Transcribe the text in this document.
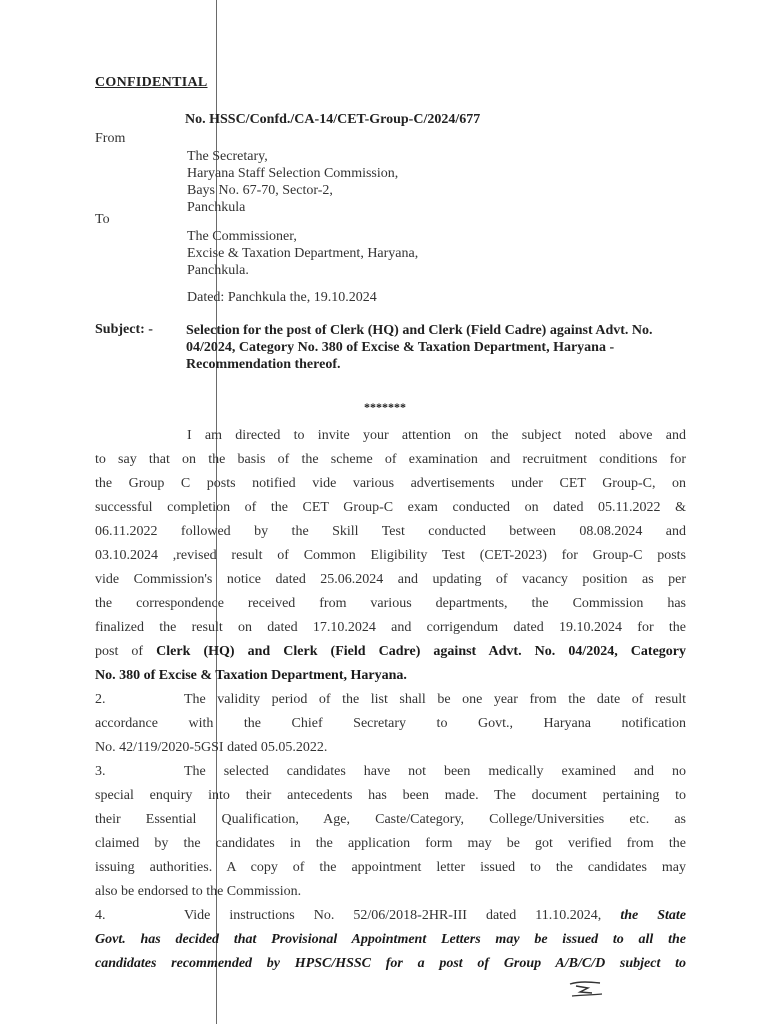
CONFIDENTIAL
No. HSSC/Confd./CA-14/CET-Group-C/2024/677
From
The Secretary,
Haryana Staff Selection Commission,
Bays No. 67-70, Sector-2,
Panchkula
To
The Commissioner,
Excise & Taxation Department, Haryana,
Panchkula.
Dated: Panchkula the, 19.10.2024
Subject: - Selection for the post of Clerk (HQ) and Clerk (Field Cadre) against Advt. No. 04/2024, Category No. 380 of Excise & Taxation Department, Haryana - Recommendation thereof.
*******
I am directed to invite your attention on the subject noted above and
to say that on the basis of the scheme of examination and recruitment conditions for
the Group C posts notified vide various advertisements under CET Group-C, on
successful completion of the CET Group-C exam conducted on dated 05.11.2022 &
06.11.2022 followed by the Skill Test conducted between 08.08.2024 and
03.10.2024 ,revised result of Common Eligibility Test (CET-2023) for Group-C posts
vide Commission's notice dated 25.06.2024 and updating of vacancy position as per
the correspondence received from various departments, the Commission has
finalized the result on dated 17.10.2024 and corrigendum dated 19.10.2024 for the
post of Clerk (HQ) and Clerk (Field Cadre) against Advt. No. 04/2024, Category
No. 380 of Excise & Taxation Department, Haryana.
2.	The validity period of the list shall be one year from the date of result
accordance with the Chief Secretary to Govt., Haryana notification
No. 42/119/2020-5GSI dated 05.05.2022.
3.	The selected candidates have not been medically examined and no
special enquiry into their antecedents has been made. The document pertaining to
their Essential Qualification, Age, Caste/Category, College/Universities etc. as
claimed by the candidates in the application form may be got verified from the
issuing authorities. A copy of the appointment letter issued to the candidates may
also be endorsed to the Commission.
4.	Vide instructions No. 52/06/2018-2HR-III dated 11.10.2024, the State
Govt. has decided that Provisional Appointment Letters may be issued to all the
candidates recommended by HPSC/HSSC for a post of Group A/B/C/D subject to
